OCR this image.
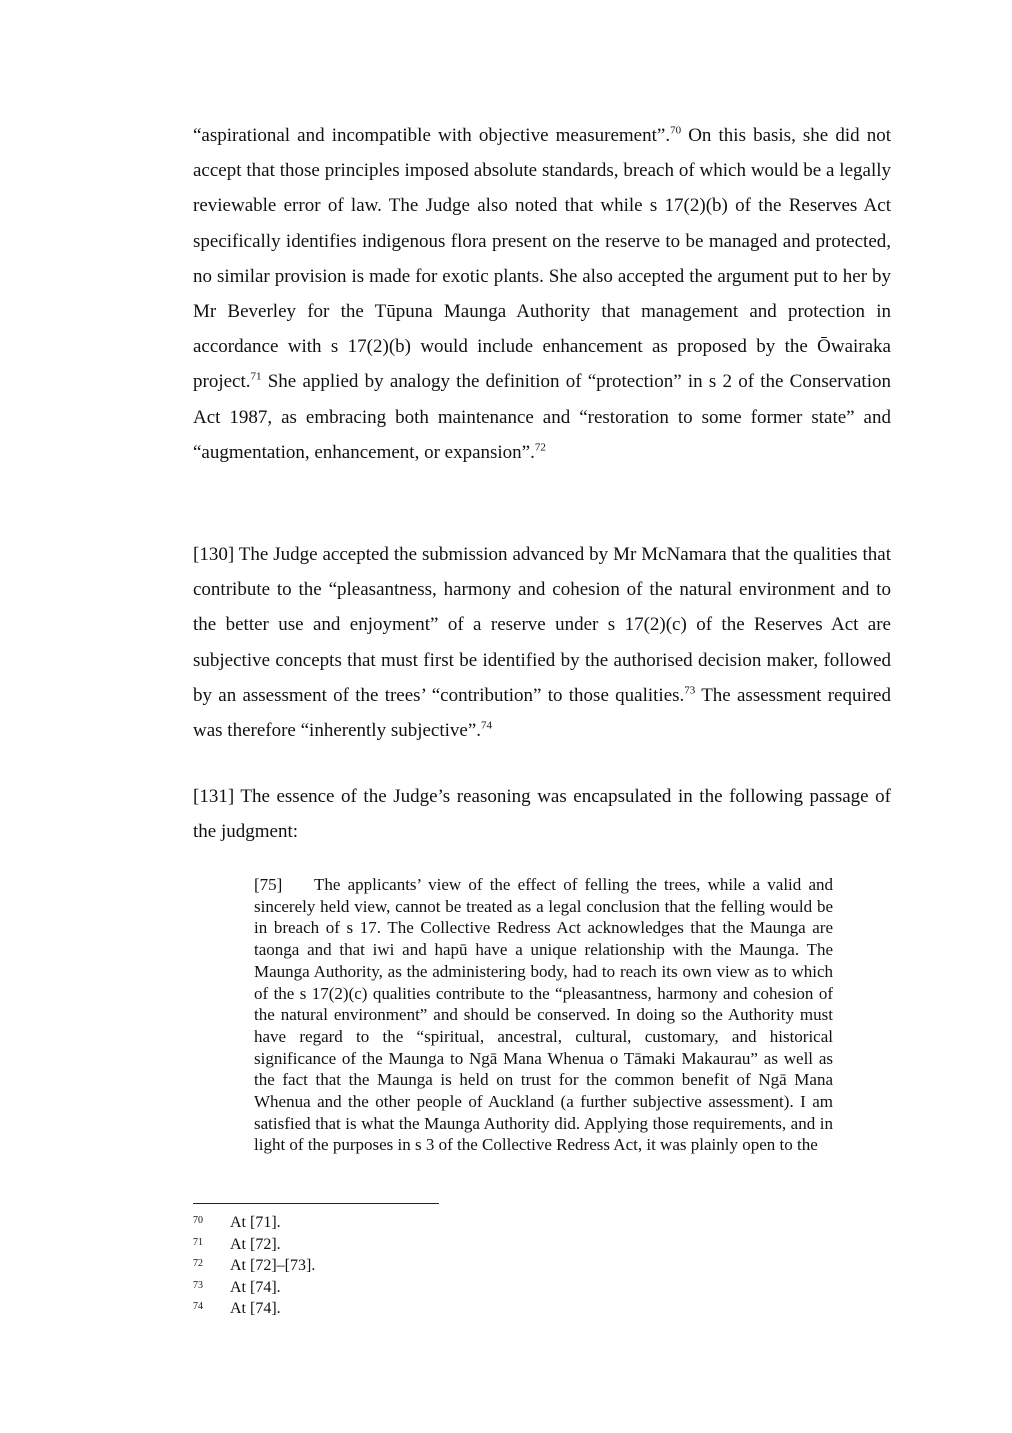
“aspirational and incompatible with objective measurement”.$^{70}$ On this basis, she did not accept that those principles imposed absolute standards, breach of which would be a legally reviewable error of law. The Judge also noted that while s 17(2)(b) of the Reserves Act specifically identifies indigenous flora present on the reserve to be managed and protected, no similar provision is made for exotic plants. She also accepted the argument put to her by Mr Beverley for the Tūpuna Maunga Authority that management and protection in accordance with s 17(2)(b) would include enhancement as proposed by the Ōwairaka project.$^{71}$ She applied by analogy the definition of “protection” in s 2 of the Conservation Act 1987, as embracing both maintenance and “restoration to some former state” and “augmentation, enhancement, or expansion”.$^{72}$

[130] The Judge accepted the submission advanced by Mr McNamara that the qualities that contribute to the “pleasantness, harmony and cohesion of the natural environment and to the better use and enjoyment” of a reserve under s 17(2)(c) of the Reserves Act are subjective concepts that must first be identified by the authorised decision maker, followed by an assessment of the trees’ “contribution” to those qualities.$^{73}$ The assessment required was therefore “inherently subjective”.$^{74}$

[131] The essence of the Judge’s reasoning was encapsulated in the following passage of the judgment:

[75] The applicants’ view of the effect of felling the trees, while a valid and sincerely held view, cannot be treated as a legal conclusion that the felling would be in breach of s 17. The Collective Redress Act acknowledges that the Maunga are taonga and that iwi and hapū have a unique relationship with the Maunga. The Maunga Authority, as the administering body, had to reach its own view as to which of the s 17(2)(c) qualities contribute to the “pleasantness, harmony and cohesion of the natural environment” and should be conserved. In doing so the Authority must have regard to the “spiritual, ancestral, cultural, customary, and historical significance of the Maunga to Ngā Mana Whenua o Tāmaki Makaurau” as well as the fact that the Maunga is held on trust for the common benefit of Ngā Mana Whenua and the other people of Auckland (a further subjective assessment). I am satisfied that is what the Maunga Authority did. Applying those requirements, and in light of the purposes in s 3 of the Collective Redress Act, it was plainly open to the

70	At [71].
71	At [72].
72	At [72]–[73].
73	At [74].
74	At [74].
